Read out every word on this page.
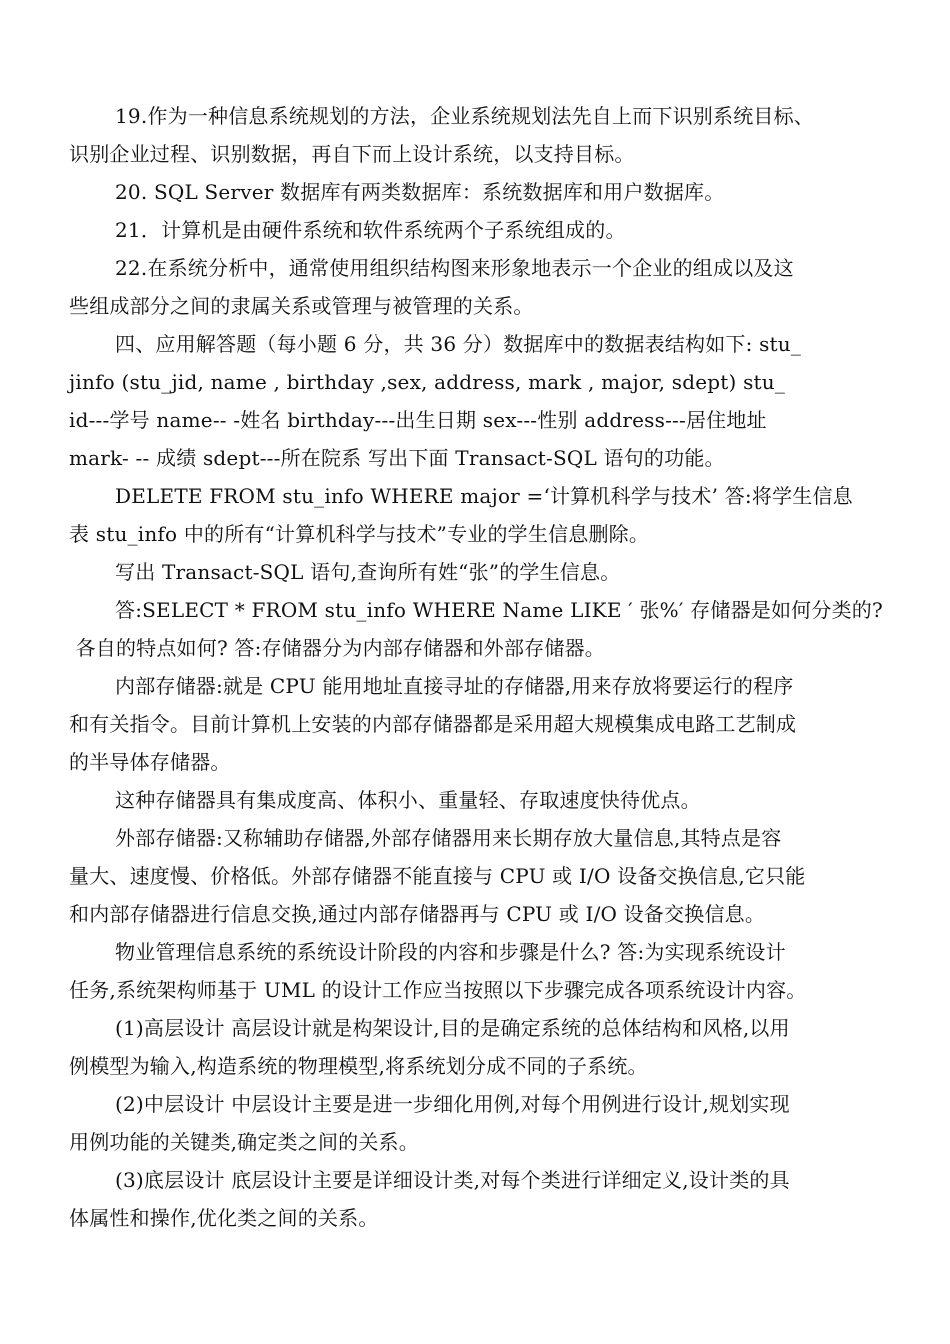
19.作为一种信息系统规划的方法，企业系统规划法先自上而下识别系统目标、
识别企业过程、识别数据，再自下而上设计系统，以支持目标。
20. SQL Server 数据库有两类数据库：系统数据库和用户数据库。
21．计算机是由硬件系统和软件系统两个子系统组成的。
22.在系统分析中，通常使用组织结构图来形象地表示一个企业的组成以及这
些组成部分之间的隶属关系或管理与被管理的关系。
四、应用解答题（每小题 6 分，共 36 分）数据库中的数据表结构如下: stu_
jinfo (stu_jid, name , birthday ,sex, address, mark , major, sdept) stu_
id---学号 name-- -姓名 birthday---出生日期 sex---性别 address---居住地址
mark- -- 成绩 sdept---所在院系 写出下面 Transact-SQL 语句的功能。
DELETE FROM stu_info WHERE major =‘计算机科学与技术’ 答:将学生信息
表 stu_info 中的所有“计算机科学与技术”专业的学生信息删除。
写出 Transact-SQL 语句,查询所有姓“张”的学生信息。
答:SELECT * FROM stu_info WHERE Name LIKE ′ 张%′ 存储器是如何分类的?
各自的特点如何? 答:存储器分为内部存储器和外部存储器。
内部存储器:就是 CPU 能用地址直接寻址的存储器,用来存放将要运行的程序
和有关指令。目前计算机上安装的内部存储器都是采用超大规模集成电路工艺制成
的半导体存储器。
这种存储器具有集成度高、体积小、重量轻、存取速度快待优点。
外部存储器:又称辅助存储器,外部存储器用来长期存放大量信息,其特点是容
量大、速度慢、价格低。外部存储器不能直接与 CPU 或 I/O 设备交换信息,它只能
和内部存储器进行信息交换,通过内部存储器再与 CPU 或 I/O 设备交换信息。
物业管理信息系统的系统设计阶段的内容和步骤是什么? 答:为实现系统设计
任务,系统架构师基于 UML 的设计工作应当按照以下步骤完成各项系统设计内容。
(1)高层设计 高层设计就是构架设计,目的是确定系统的总体结构和风格,以用
例模型为输入,构造系统的物理模型,将系统划分成不同的子系统。
(2)中层设计 中层设计主要是进一步细化用例,对每个用例进行设计,规划实现
用例功能的关键类,确定类之间的关系。
(3)底层设计 底层设计主要是详细设计类,对每个类进行详细定义,设计类的具
体属性和操作,优化类之间的关系。
